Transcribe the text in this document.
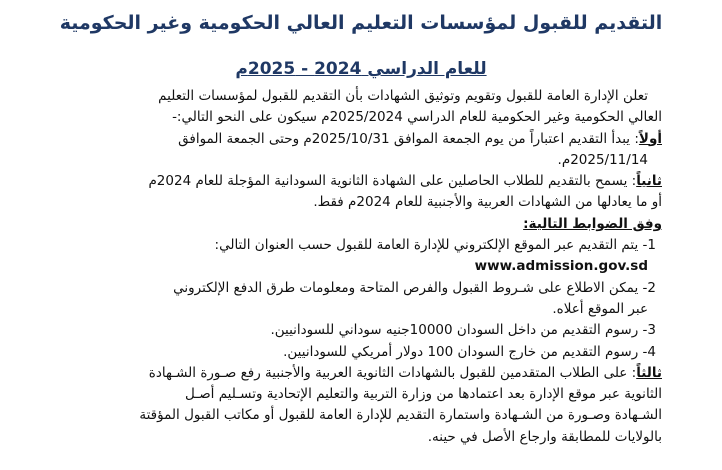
التقديم للقبول لمؤسسات التعليم العالي الحكومية وغير الحكومية
للعام الدراسي 2024 - 2025م
تعلن الإدارة العامة للقبول وتقويم وتوثيق الشهادات بأن التقديم للقبول لمؤسسات التعليم
العالي الحكومية وغير الحكومية للعام الدراسي 2025/2024م سيكون على النحو التالي:-
أولاً: يبدأ التقديم اعتباراً من يوم الجمعة الموافق 2025/10/31م وحتى الجمعة الموافق
2025/11/14م.
ثانياً: يسمح بالتقديم للطلاب الحاصلين على الشهادة الثانوية السودانية المؤجلة للعام 2024م
أو ما يعادلها من الشهادات العربية والأجنبية للعام 2024م فقط.
وفق الضوابط التالية:
1- يتم التقديم عبر الموقع الإلكتروني للإدارة العامة للقبول حسب العنوان التالي:
www.admission.gov.sd
2- يمكن الاطلاع على شـروط القبول والفرص المتاحة ومعلومات طرق الدفع الإلكتروني
عبر الموقع أعلاه.
3- رسوم التقديم من داخل السودان 10000جنيه سوداني للسودانيين.
4- رسوم التقديم من خارج السودان 100 دولار أمريكي للسودانيين.
ثالثاً: على الطلاب المتقدمين للقبول بالشهادات الثانوية العربية والأجنبية رفع صـورة الشـهادة
الثانوية عبر موقع الإدارة بعد اعتمادها من وزارة التربية والتعليم الإتحادية وتسـليم أصـل
الشـهادة وصـورة من الشـهادة واستمارة التقديم للإدارة العامة للقبول أو مكاتب القبول المؤقتة
بالولايات للمطابقة وارجاع الأصل في حينه.
